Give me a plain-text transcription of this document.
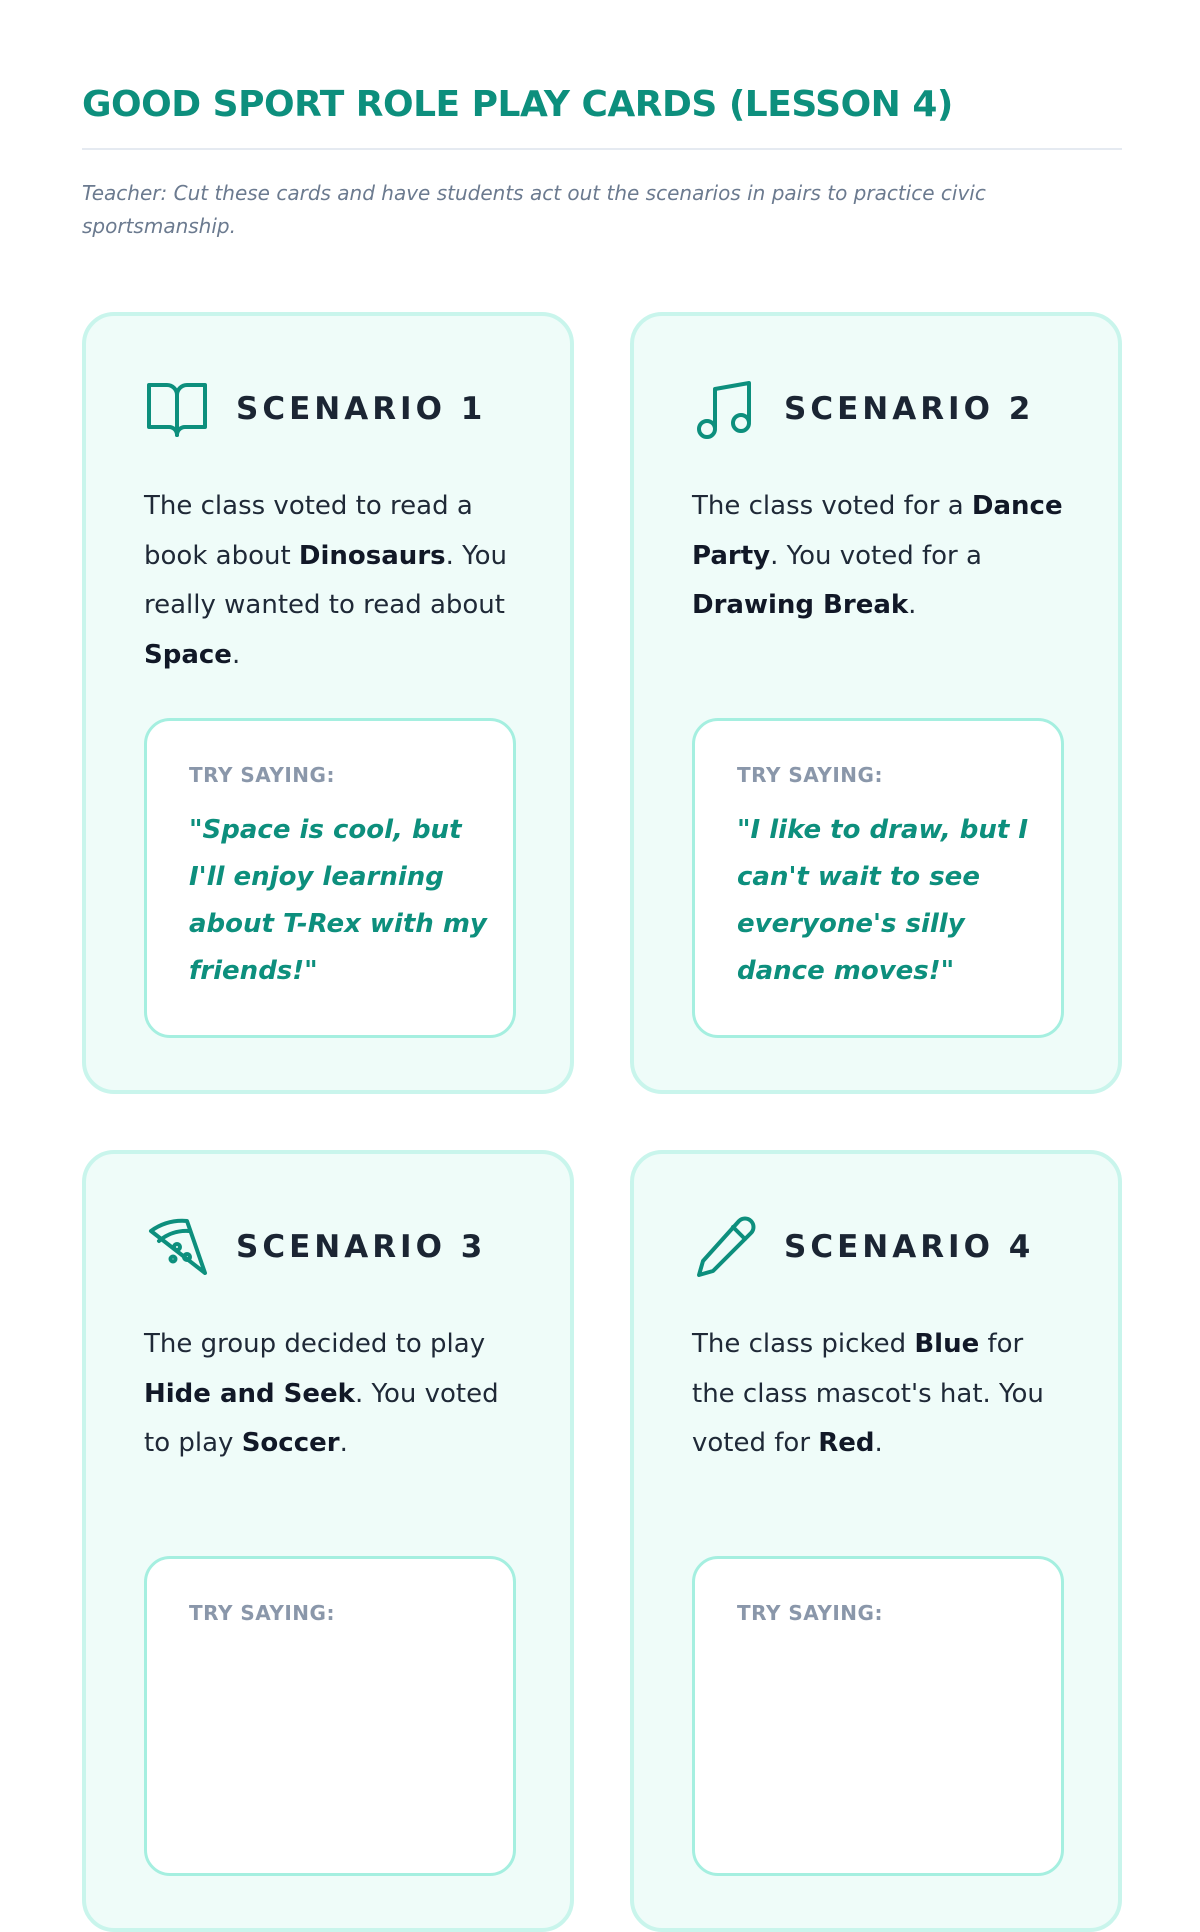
GOOD SPORT ROLE PLAY CARDS (LESSON 4)

Teacher: Cut these cards and have students act out the scenarios in pairs to practice civic sportsmanship.

SCENARIO 1

The class voted to read a book about Dinosaurs. You really wanted to read about Space.

TRY SAYING:
"Space is cool, but I'll enjoy learning about T-Rex with my friends!"
SCENARIO 2

The class voted for a Dance Party. You voted for a Drawing Break.

TRY SAYING:
"I like to draw, but I can't wait to see everyone's silly dance moves!"
SCENARIO 3

The group decided to play Hide and Seek. You voted to play Soccer.

TRY SAYING:
SCENARIO 4

The class picked Blue for the class mascot's hat. You voted for Red.

TRY SAYING:
